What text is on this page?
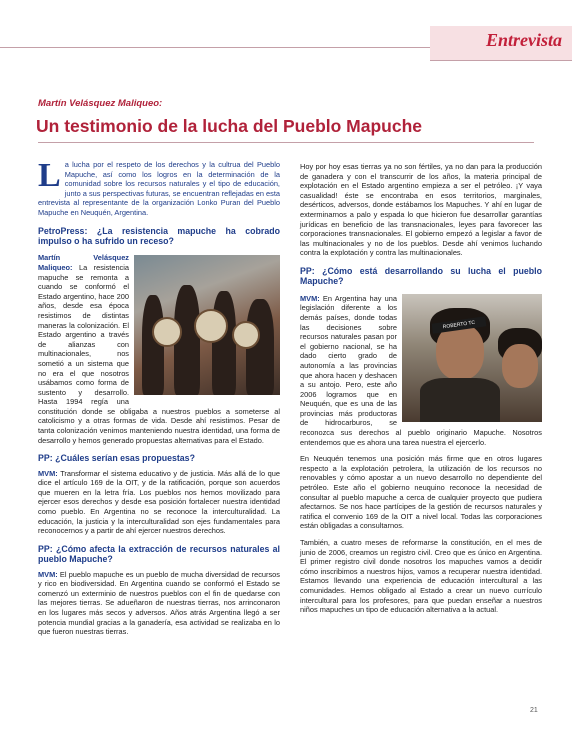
Entrevista
Martín Velásquez Maliqueo:
Un testimonio de la lucha del Pueblo Mapuche

La lucha por el respeto de los derechos y la cultrua del Pueblo Mapuche, así como los logros en la determinación de la comunidad sobre los recursos naturales y el tipo de educación, junto a sus perspectivas futuras, se encuentran reflejadas en esta entrevista al representante de la organización Lonko Puran del Pueblo Mapuche en Neuquén, Argentina.

PetroPress: ¿La resistencia mapuche ha cobrado impulso o ha sufrido un receso?

Martín Velásquez Maliqueo: La resistencia mapuche se remonta a cuando se conformó el Estado argentino, hace 200 años, desde esa época resistimos de distintas maneras la colonización. El Estado argentino a través de alianzas con multinacionales, nos sometió a un sistema que no era el que nosotros usábamos como forma de sustento y desarrollo. Hasta 1994 regía una constitución donde se obligaba a nuestros pueblos a someterse al catolicismo y a otras formas de vida. Desde ahí resistimos. Pesar de tanta colonización venimos manteniendo nuestra identidad, una forma de desarrollo y hemos generado propuestas alternativas para el Estado.

PP: ¿Cuáles serían esas propuestas?

MVM: Transformar el sistema educativo y de justicia. Más allá de lo que dice el artículo 169 de la OIT, y de la ratificación, porque son acuerdos que mueren en la letra fría. Los pueblos nos hemos movilizado para ejercer esos derechos y desde esa posición fortalecer nuestra identidad como pueblo. En Argentina no se reconoce la interculturalidad. La educación, la justicia y la interculturalidad son ejes fundamentales para reconocernos y a partir de ahí ejercer nuestros derechos.

PP: ¿Cómo afecta la extracción de recursos naturales al pueblo Mapuche?

MVM: El pueblo mapuche es un pueblo de mucha diversidad de recursos y rico en biodiversidad. En Argentina cuando se conformó el Estado se comenzó un exterminio de nuestros pueblos con el fin de quedarse con las mejores tierras. Se adueñaron de nuestras tierras, nos arrinconaron en los lugares más secos y adversos. Años atrás Argentina llegó a ser potencia mundial gracias a la ganadería, esa actividad se realizaba en lo que fueron nuestras tierras.

Hoy por hoy esas tierras ya no son fértiles, ya no dan para la producción de ganadera y con el transcurrir de los años, la materia principal de explotación en el Estado argentino empieza a ser el petróleo. ¡Y vaya casualidad! éste se encontraba en esos territorios, marginales, desérticos, adversos, donde estábamos los Mapuches. Y ahí en lugar de exterminarnos a palo y espada lo que hicieron fue desarrollar garantías jurídicas en beneficio de las transnacionales, leyes para favorecer las corporaciones transnacionales. El gobierno empezó a legislar a favor de las multinacionales y no de los pueblos. Desde ahí venimos luchando contra la explotación y contra las multinacionales.

PP: ¿Cómo está desarrollando su lucha el pueblo Mapuche?

ROBERTO TC
MVM: En Argentina hay una legislación diferente a los demás países, donde todas las decisiones sobre recursos naturales pasan por el gobierno nacional, se ha dado cierto grado de autonomía a las provincias que ahora hacen y deshacen a su antojo. Pero, este año 2006 logramos que en Neuquén, que es una de las provincias más productoras de hidrocarburos, se reconozca sus derechos al pueblo originario Mapuche. Nosotros entendemos que es ahora una tarea nuestra el ejercerlo.

En Neuquén tenemos una posición más firme que en otros lugares respecto a la explotación petrolera, la utilización de los recursos no renovables y cómo apostar a un nuevo desarrollo no dependiente del petróleo. Este año el gobierno neuquino reconoce la necesidad de consultar al pueblo mapuche a cerca de cualquier proyecto que pudiera afectarnos. Se nos hace partícipes de la gestión de recursos naturales y ratifica el convenio 169 de la OIT a nivel local. Todas las corporaciones están obligadas a consultarnos.

También, a cuatro meses de reformarse la constitución, en el mes de junio de 2006, creamos un registro civil. Creo que es único en Argentina. El primer registro civil donde nosotros los mapuches vamos a decidir cómo inscribimos a nuestros hijos, vamos a recuperar nuestra identidad. Estamos llevando una experiencia de educación intercultural a las comunidades. Hemos obligado al Estado a crear un nuevo currículo intercultural para los profesores, para que puedan enseñar a nuestros niños mapuches un tipo de educación alternativa a la actual.

21
